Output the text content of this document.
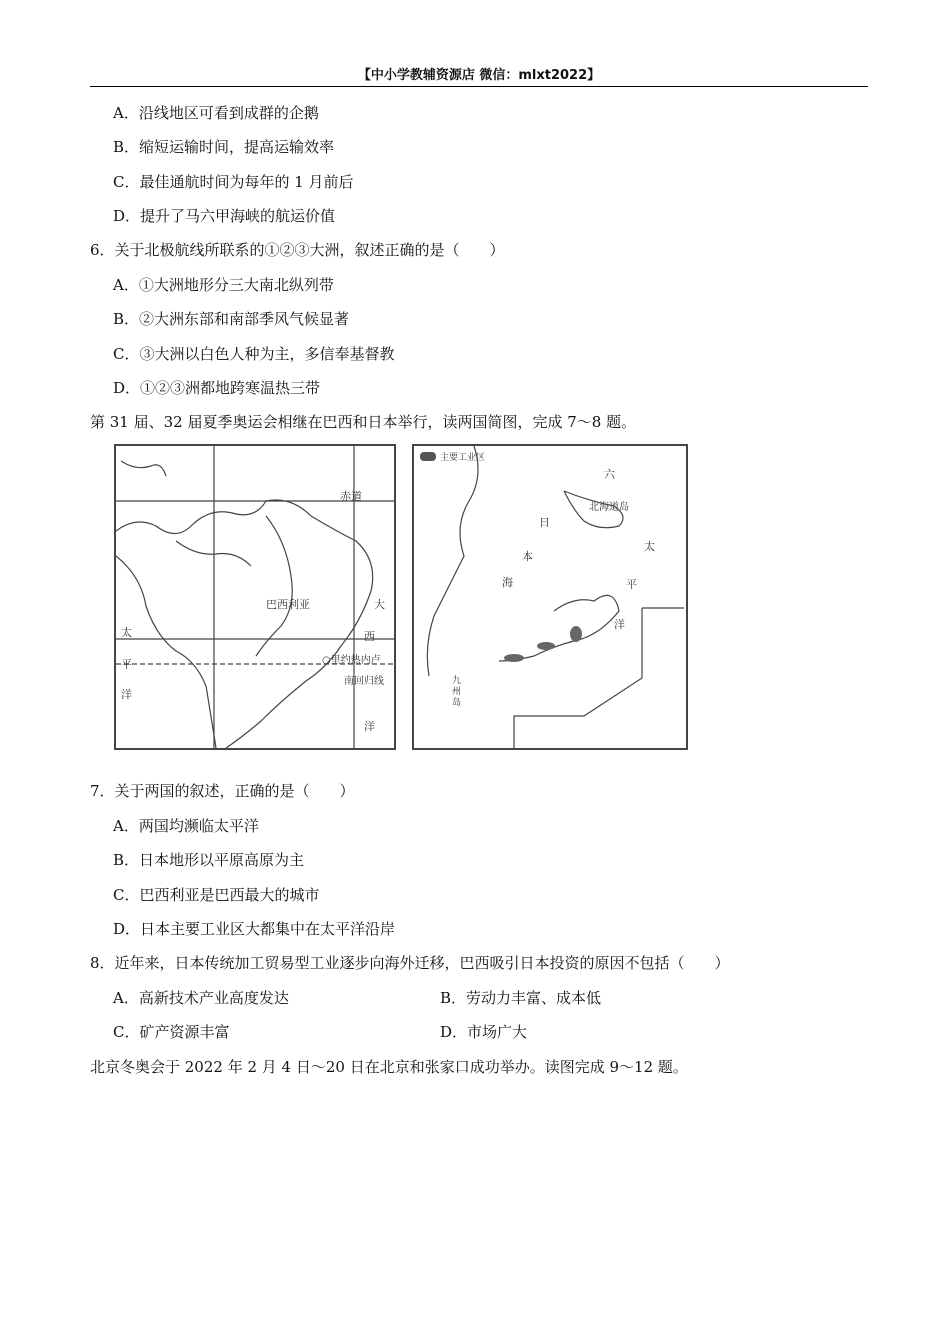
【中小学教辅资源店 微信：mlxt2022】
A．沿线地区可看到成群的企鹅
B．缩短运输时间，提高运输效率
C．最佳通航时间为每年的 1 月前后
D．提升了马六甲海峡的航运价值
6．关于北极航线所联系的①②③大洲，叙述正确的是（　　）
A．①大洲地形分三大南北纵列带
B．②大洲东部和南部季风气候显著
C．③大洲以白色人种为主，多信奉基督教
D．①②③洲都地跨寒温热三带
第 31 届、32 届夏季奥运会相继在巴西和日本举行，读两国简图，完成 7～8 题。
赤道
巴西利亚
○里约热内卢
南回归线
大
西
洋
太
平
洋
主要工业区
北海道岛
六
日
本
海
太
平
洋
九州岛
7．关于两国的叙述，正确的是（　　）
A．两国均濒临太平洋
B．日本地形以平原高原为主
C．巴西利亚是巴西最大的城市
D．日本主要工业区大都集中在太平洋沿岸
8．近年来，日本传统加工贸易型工业逐步向海外迁移，巴西吸引日本投资的原因不包括（　　）
A．高新技术产业高度发达	B．劳动力丰富、成本低
C．矿产资源丰富	D．市场广大
北京冬奥会于 2022 年 2 月 4 日～20 日在北京和张家口成功举办。读图完成 9～12 题。
